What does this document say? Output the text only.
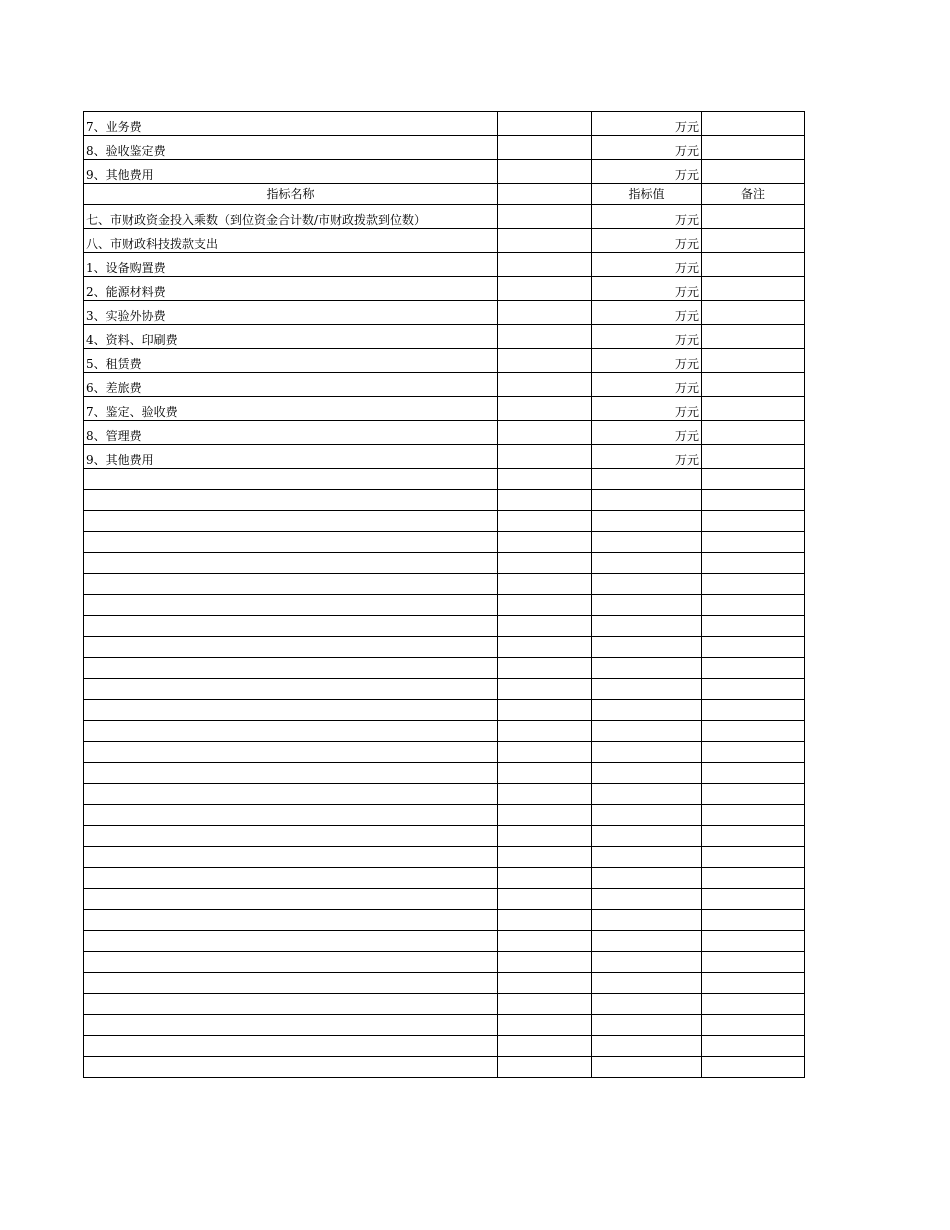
7、业务费		万元	
8、验收鉴定费		万元	
9、其他费用		万元	
指标名称		指标值	备注
七、市财政资金投入乘数（到位资金合计数/市财政拨款到位数）		万元	
八、市财政科技拨款支出		万元	
1、设备购置费		万元	
2、能源材料费		万元	
3、实验外协费		万元	
4、资料、印刷费		万元	
5、租赁费		万元	
6、差旅费		万元	
7、鉴定、验收费		万元	
8、管理费		万元	
9、其他费用		万元	
